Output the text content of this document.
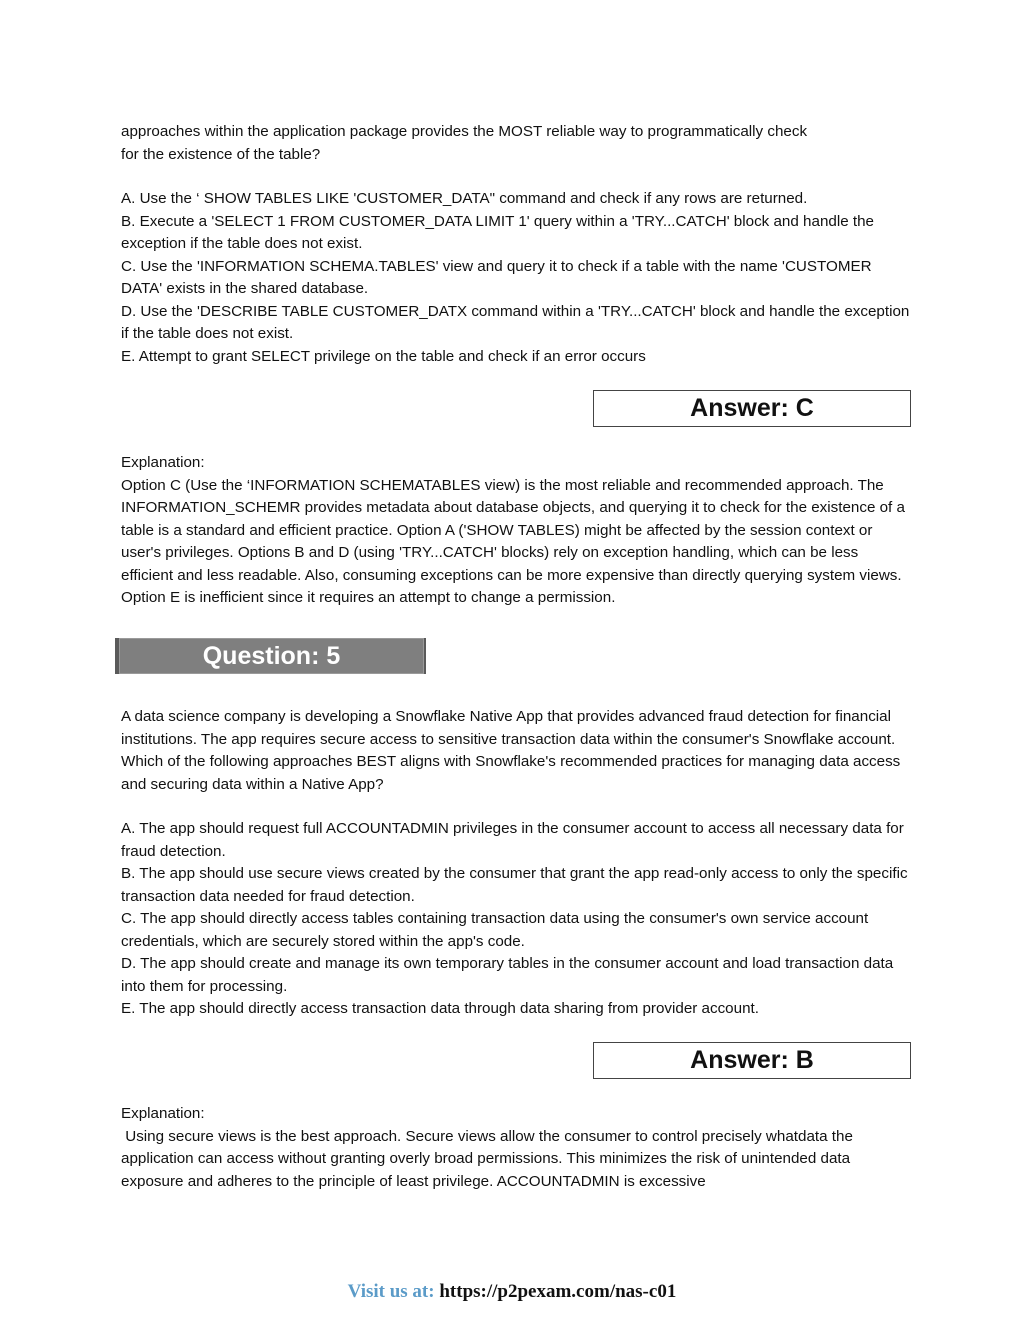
approaches within the application package provides the MOST reliable way to programmatically check

for the existence of the table?

A. Use the ‘ SHOW TABLES LIKE 'CUSTOMER_DATA" command and check if any rows are returned.

B. Execute a 'SELECT 1 FROM CUSTOMER_DATA LIMIT 1' query within a 'TRY...CATCH' block and handle the exception if the table does not exist.

C. Use the 'INFORMATION SCHEMA.TABLES' view and query it to check if a table with the name 'CUSTOMER DATA' exists in the shared database.

D. Use the 'DESCRIBE TABLE CUSTOMER_DATX command within a 'TRY...CATCH' block and handle the exception if the table does not exist.

E. Attempt to grant SELECT privilege on the table and check if an error occurs

Answer: C

Explanation:

Option C (Use the ‘INFORMATION SCHEMATABLES view) is the most reliable and recommended approach. The INFORMATION_SCHEMR provides metadata about database objects, and querying it to check for the existence of a table is a standard and efficient practice. Option A ('SHOW TABLES) might be affected by the session context or user's privileges. Options B and D (using 'TRY...CATCH' blocks) rely on exception handling, which can be less efficient and less readable. Also, consuming exceptions can be more expensive than directly querying system views. Option E is inefficient since it requires an attempt to change a permission.

Question: 5
A data science company is developing a Snowflake Native App that provides advanced fraud detection for financial institutions. The app requires secure access to sensitive transaction data within the consumer's Snowflake account. Which of the following approaches BEST aligns with Snowflake's recommended practices for managing data access and securing data within a Native App?

A. The app should request full ACCOUNTADMIN privileges in the consumer account to access all necessary data for fraud detection.

B. The app should use secure views created by the consumer that grant the app read-only access to only the specific transaction data needed for fraud detection.

C. The app should directly access tables containing transaction data using the consumer's own service account credentials, which are securely stored within the app's code.

D. The app should create and manage its own temporary tables in the consumer account and load transaction data into them for processing.

E. The app should directly access transaction data through data sharing from provider account.

Answer: B

Explanation:

Using secure views is the best approach. Secure views allow the consumer to control precisely whatdata the application can access without granting overly broad permissions. This minimizes the risk of unintended data exposure and adheres to the principle of least privilege. ACCOUNTADMIN is excessive

Visit us at: https://p2pexam.com/nas-c01
